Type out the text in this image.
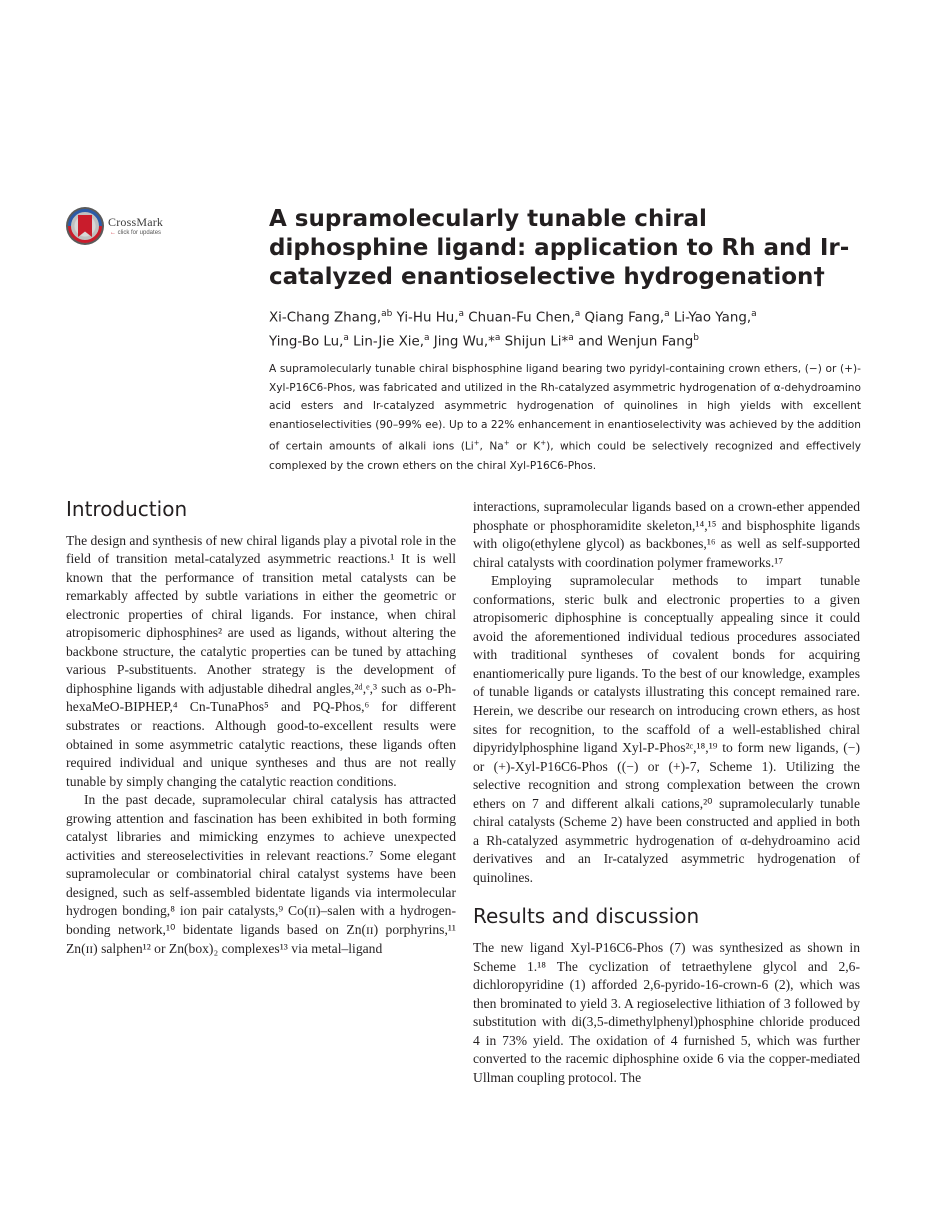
CrossMark
← click for updates
A supramolecularly tunable chiral diphosphine ligand: application to Rh and Ir-catalyzed enantioselective hydrogenation†
Xi-Chang Zhang,$^{ab}$ Yi-Hu Hu,$^a$ Chuan-Fu Chen,$^a$ Qiang Fang,$^a$ Li-Yao Yang,$^a$
Ying-Bo Lu,$^a$ Lin-Jie Xie,$^a$ Jing Wu,*$^a$ Shijun Li*$^a$ and Wenjun Fang$^b$
A supramolecularly tunable chiral bisphosphine ligand bearing two pyridyl-containing crown ethers, (−) or (+)-Xyl-P16C6-Phos, was fabricated and utilized in the Rh-catalyzed asymmetric hydrogenation of α-dehydroamino acid esters and Ir-catalyzed asymmetric hydrogenation of quinolines in high yields with excellent enantioselectivities (90–99% ee). Up to a 22% enhancement in enantioselectivity was achieved by the addition of certain amounts of alkali ions (Li+, Na+ or K+), which could be selectively recognized and effectively complexed by the crown ethers on the chiral Xyl-P16C6-Phos.
Introduction

The design and synthesis of new chiral ligands play a pivotal role in the field of transition metal-catalyzed asymmetric reactions.¹ It is well known that the performance of transition metal catalysts can be remarkably affected by subtle variations in either the geometric or electronic properties of chiral ligands. For instance, when chiral atropisomeric diphosphines² are used as ligands, without altering the backbone structure, the catalytic properties can be tuned by attaching various P-substituents. Another strategy is the development of diphosphine ligands with adjustable dihedral angles,²ᵈ,ᵉ,³ such as o-Ph-hexaMeO-BIPHEP,⁴ Cn-TunaPhos⁵ and PQ-Phos,⁶ for different substrates or reactions. Although good-to-excellent results were obtained in some asymmetric catalytic reactions, these ligands often required individual and unique syntheses and thus are not really tunable by simply changing the catalytic reaction conditions.

In the past decade, supramolecular chiral catalysis has attracted growing attention and fascination has been exhibited in both forming catalyst libraries and mimicking enzymes to achieve unexpected activities and stereoselectivities in relevant reactions.⁷ Some elegant supramolecular or combinatorial chiral catalyst systems have been designed, such as self-assembled bidentate ligands via intermolecular hydrogen bonding,⁸ ion pair catalysts,⁹ Co(ɪɪ)–salen with a hydrogen-bonding network,¹⁰ bidentate ligands based on Zn(ɪɪ) porphyrins,¹¹ Zn(ɪɪ) salphen¹² or Zn(box)₂ complexes¹³ via metal–ligand

interactions, supramolecular ligands based on a crown-ether appended phosphate or phosphoramidite skeleton,¹⁴,¹⁵ and bisphosphite ligands with oligo(ethylene glycol) as backbones,¹⁶ as well as self-supported chiral catalysts with coordination polymer frameworks.¹⁷

Employing supramolecular methods to impart tunable conformations, steric bulk and electronic properties to a given atropisomeric diphosphine is conceptually appealing since it could avoid the aforementioned individual tedious procedures associated with traditional syntheses of covalent bonds for acquiring enantiomerically pure ligands. To the best of our knowledge, examples of tunable ligands or catalysts illustrating this concept remained rare. Herein, we describe our research on introducing crown ethers, as host sites for recognition, to the scaffold of a well-established chiral dipyridylphosphine ligand Xyl-P-Phos²ᶜ,¹⁸,¹⁹ to form new ligands, (−) or (+)-Xyl-P16C6-Phos ((−) or (+)-7, Scheme 1). Utilizing the selective recognition and strong complexation between the crown ethers on 7 and different alkali cations,²⁰ supramolecularly tunable chiral catalysts (Scheme 2) have been constructed and applied in both a Rh-catalyzed asymmetric hydrogenation of α-dehydroamino acid derivatives and an Ir-catalyzed asymmetric hydrogenation of quinolines.

Results and discussion

The new ligand Xyl-P16C6-Phos (7) was synthesized as shown in Scheme 1.¹⁸ The cyclization of tetraethylene glycol and 2,6-dichloropyridine (1) afforded 2,6-pyrido-16-crown-6 (2), which was then brominated to yield 3. A regioselective lithiation of 3 followed by substitution with di(3,5-dimethylphenyl)phosphine chloride produced 4 in 73% yield. The oxidation of 4 furnished 5, which was further converted to the racemic diphosphine oxide 6 via the copper-mediated Ullman coupling protocol. The
